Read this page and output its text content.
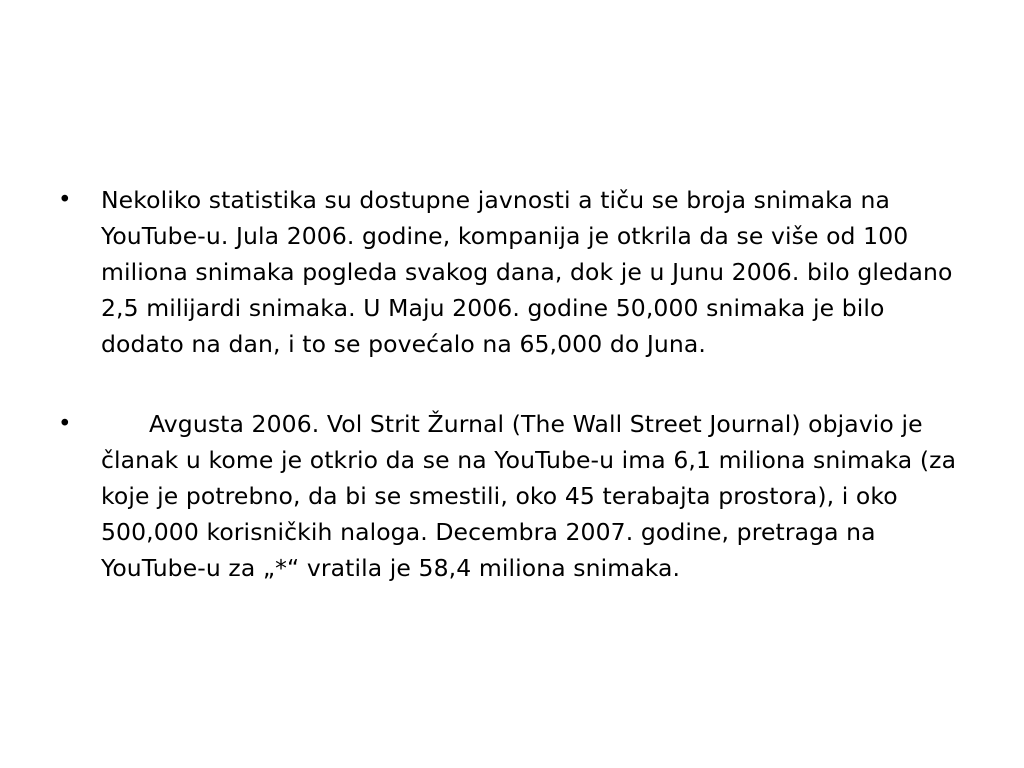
• Nekoliko statistika su dostupne javnosti a tiču se broja snimaka na YouTube-u. Jula 2006. godine, kompanija je otkrila da se više od 100 miliona snimaka pogleda svakog dana, dok je u Junu 2006. bilo gledano 2,5 milijardi snimaka. U Maju 2006. godine 50,000 snimaka je bilo dodato na dan, i to se povećalo na 65,000 do Juna.
•	Avgusta 2006. Vol Strit Žurnal (The Wall Street Journal) objavio je članak u kome je otkrio da se na YouTube-u ima 6,1 miliona snimaka (za koje je potrebno, da bi se smestili, oko 45 terabajta prostora), i oko 500,000 korisničkih naloga. Decembra 2007. godine, pretraga na YouTube-u za „*“ vratila je 58,4 miliona snimaka.
